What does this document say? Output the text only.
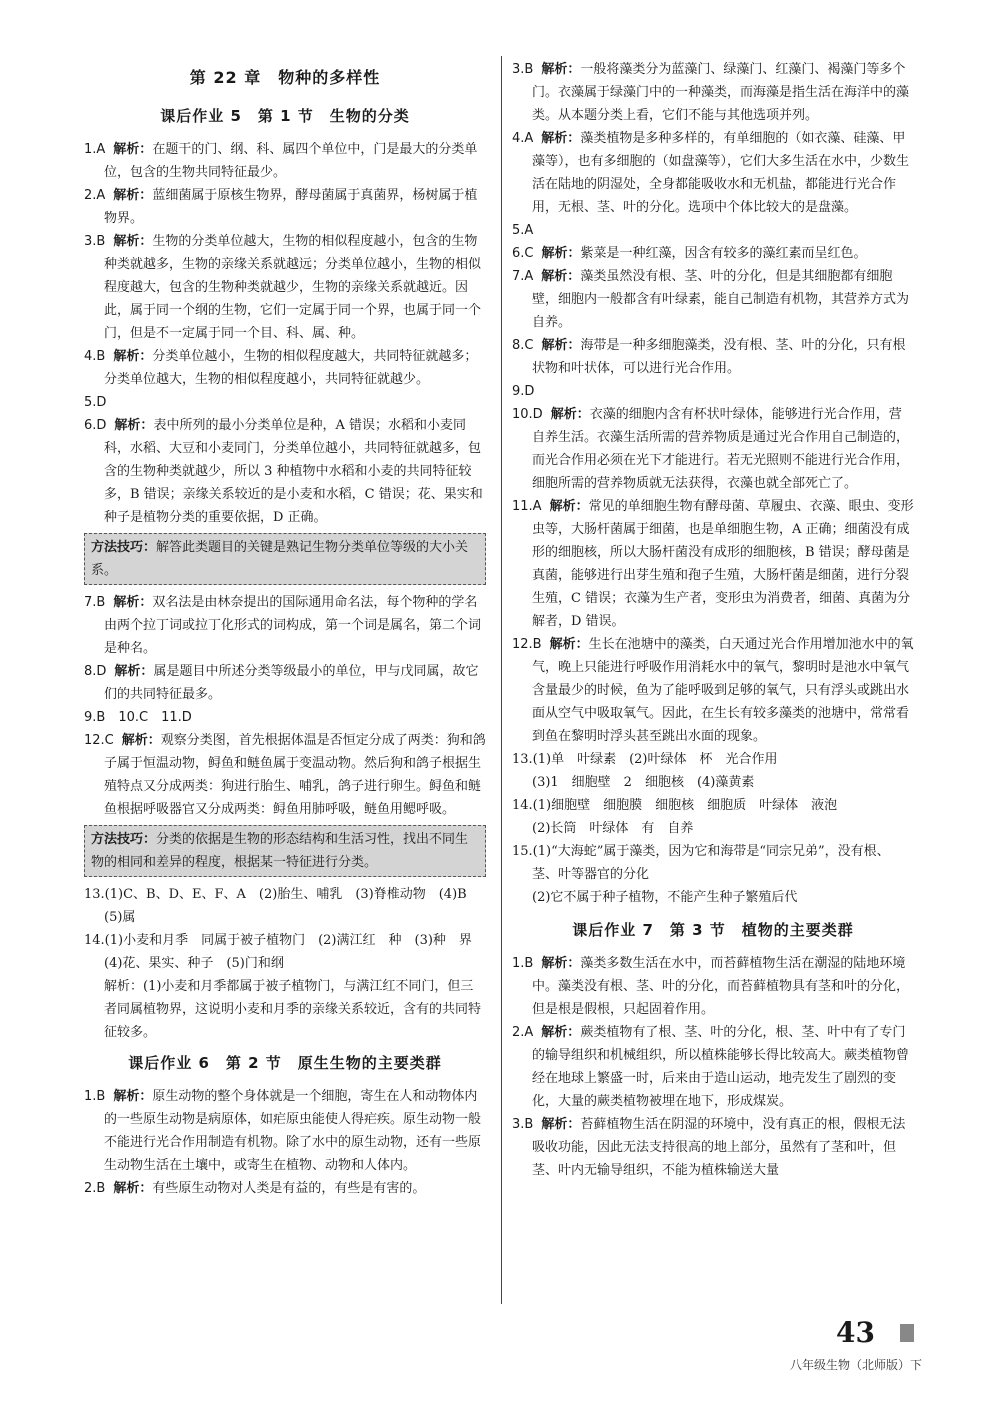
第 22 章　物种的多样性
课后作业 5　第 1 节　生物的分类

1.A 解析：在题干的门、纲、科、属四个单位中，门是最大的分类单位，包含的生物共同特征最少。

2.A 解析：蓝细菌属于原核生物界，酵母菌属于真菌界，杨树属于植物界。

3.B 解析：生物的分类单位越大，生物的相似程度越小，包含的生物种类就越多，生物的亲缘关系就越远；分类单位越小，生物的相似程度越大，包含的生物种类就越少，生物的亲缘关系就越近。因此，属于同一个纲的生物，它们一定属于同一个界，也属于同一个门，但是不一定属于同一个目、科、属、种。

4.B 解析：分类单位越小，生物的相似程度越大，共同特征就越多；分类单位越大，生物的相似程度越小，共同特征就越少。

5.D

6.D 解析：表中所列的最小分类单位是种，A 错误；水稻和小麦同科，水稻、大豆和小麦同门，分类单位越小，共同特征就越多，包含的生物种类就越少，所以 3 种植物中水稻和小麦的共同特征较多，B 错误；亲缘关系较近的是小麦和水稻，C 错误；花、果实和种子是植物分类的重要依据，D 正确。

方法技巧：解答此类题目的关键是熟记生物分类单位等级的大小关系。

7.B 解析：双名法是由林奈提出的国际通用命名法，每个物种的学名由两个拉丁词或拉丁化形式的词构成，第一个词是属名，第二个词是种名。

8.D 解析：属是题目中所述分类等级最小的单位，甲与戊同属，故它们的共同特征最多。

9.B　10.C　11.D

12.C 解析：观察分类图，首先根据体温是否恒定分成了两类：狗和鸽子属于恒温动物，鲟鱼和鲢鱼属于变温动物。然后狗和鸽子根据生殖特点又分成两类：狗进行胎生、哺乳，鸽子进行卵生。鲟鱼和鲢鱼根据呼吸器官又分成两类：鲟鱼用肺呼吸，鲢鱼用鳃呼吸。

方法技巧：分类的依据是生物的形态结构和生活习性，找出不同生物的相同和差异的程度，根据某一特征进行分类。

13.(1)C、B、D、E、F、A　(2)胎生、哺乳　(3)脊椎动物　(4)B　(5)属

14.(1)小麦和月季　同属于被子植物门　(2)满江红　种　(3)种　界　(4)花、果实、种子　(5)门和纲

解析：(1)小麦和月季都属于被子植物门，与满江红不同门，但三者同属植物界，这说明小麦和月季的亲缘关系较近，含有的共同特征较多。

课后作业 6　第 2 节　原生生物的主要类群

1.B 解析：原生动物的整个身体就是一个细胞，寄生在人和动物体内的一些原生动物是病原体，如疟原虫能使人得疟疾。原生动物一般不能进行光合作用制造有机物。除了水中的原生动物，还有一些原生动物生活在土壤中，或寄生在植物、动物和人体内。

2.B 解析：有些原生动物对人类是有益的，有些是有害的。

3.B 解析：一般将藻类分为蓝藻门、绿藻门、红藻门、褐藻门等多个门。衣藻属于绿藻门中的一种藻类，而海藻是指生活在海洋中的藻类。从本题分类上看，它们不能与其他选项并列。

4.A 解析：藻类植物是多种多样的，有单细胞的（如衣藻、硅藻、甲藻等），也有多细胞的（如盘藻等），它们大多生活在水中，少数生活在陆地的阴湿处，全身都能吸收水和无机盐，都能进行光合作用，无根、茎、叶的分化。选项中个体比较大的是盘藻。

5.A

6.C 解析：紫菜是一种红藻，因含有较多的藻红素而呈红色。

7.A 解析：藻类虽然没有根、茎、叶的分化，但是其细胞都有细胞壁，细胞内一般都含有叶绿素，能自己制造有机物，其营养方式为自养。

8.C 解析：海带是一种多细胞藻类，没有根、茎、叶的分化，只有根状物和叶状体，可以进行光合作用。

9.D

10.D 解析：衣藻的细胞内含有杯状叶绿体，能够进行光合作用，营自养生活。衣藻生活所需的营养物质是通过光合作用自己制造的，而光合作用必须在光下才能进行。若无光照则不能进行光合作用，细胞所需的营养物质就无法获得，衣藻也就全部死亡了。

11.A 解析：常见的单细胞生物有酵母菌、草履虫、衣藻、眼虫、变形虫等，大肠杆菌属于细菌，也是单细胞生物，A 正确；细菌没有成形的细胞核，所以大肠杆菌没有成形的细胞核，B 错误；酵母菌是真菌，能够进行出芽生殖和孢子生殖，大肠杆菌是细菌，进行分裂生殖，C 错误；衣藻为生产者，变形虫为消费者，细菌、真菌为分解者，D 错误。

12.B 解析：生长在池塘中的藻类，白天通过光合作用增加池水中的氧气，晚上只能进行呼吸作用消耗水中的氧气，黎明时是池水中氧气含量最少的时候，鱼为了能呼吸到足够的氧气，只有浮头或跳出水面从空气中吸取氧气。因此，在生长有较多藻类的池塘中，常常看到鱼在黎明时浮头甚至跳出水面的现象。

13.(1)单　叶绿素　(2)叶绿体　杯　光合作用

(3)1　细胞壁　2　细胞核　(4)藻黄素

14.(1)细胞壁　细胞膜　细胞核　细胞质　叶绿体　液泡

(2)长筒　叶绿体　有　自养

15.(1)“大海蛇”属于藻类，因为它和海带是“同宗兄弟”，没有根、茎、叶等器官的分化

(2)它不属于种子植物，不能产生种子繁殖后代

课后作业 7　第 3 节　植物的主要类群

1.B 解析：藻类多数生活在水中，而苔藓植物生活在潮湿的陆地环境中。藻类没有根、茎、叶的分化，而苔藓植物具有茎和叶的分化，但是根是假根，只起固着作用。

2.A 解析：蕨类植物有了根、茎、叶的分化，根、茎、叶中有了专门的输导组织和机械组织，所以植株能够长得比较高大。蕨类植物曾经在地球上繁盛一时，后来由于造山运动，地壳发生了剧烈的变化，大量的蕨类植物被埋在地下，形成煤炭。

3.B 解析：苔藓植物生活在阴湿的环境中，没有真正的根，假根无法吸收功能，因此无法支持很高的地上部分，虽然有了茎和叶，但茎、叶内无输导组织，不能为植株输送大量

43
八年级生物（北师版）下
